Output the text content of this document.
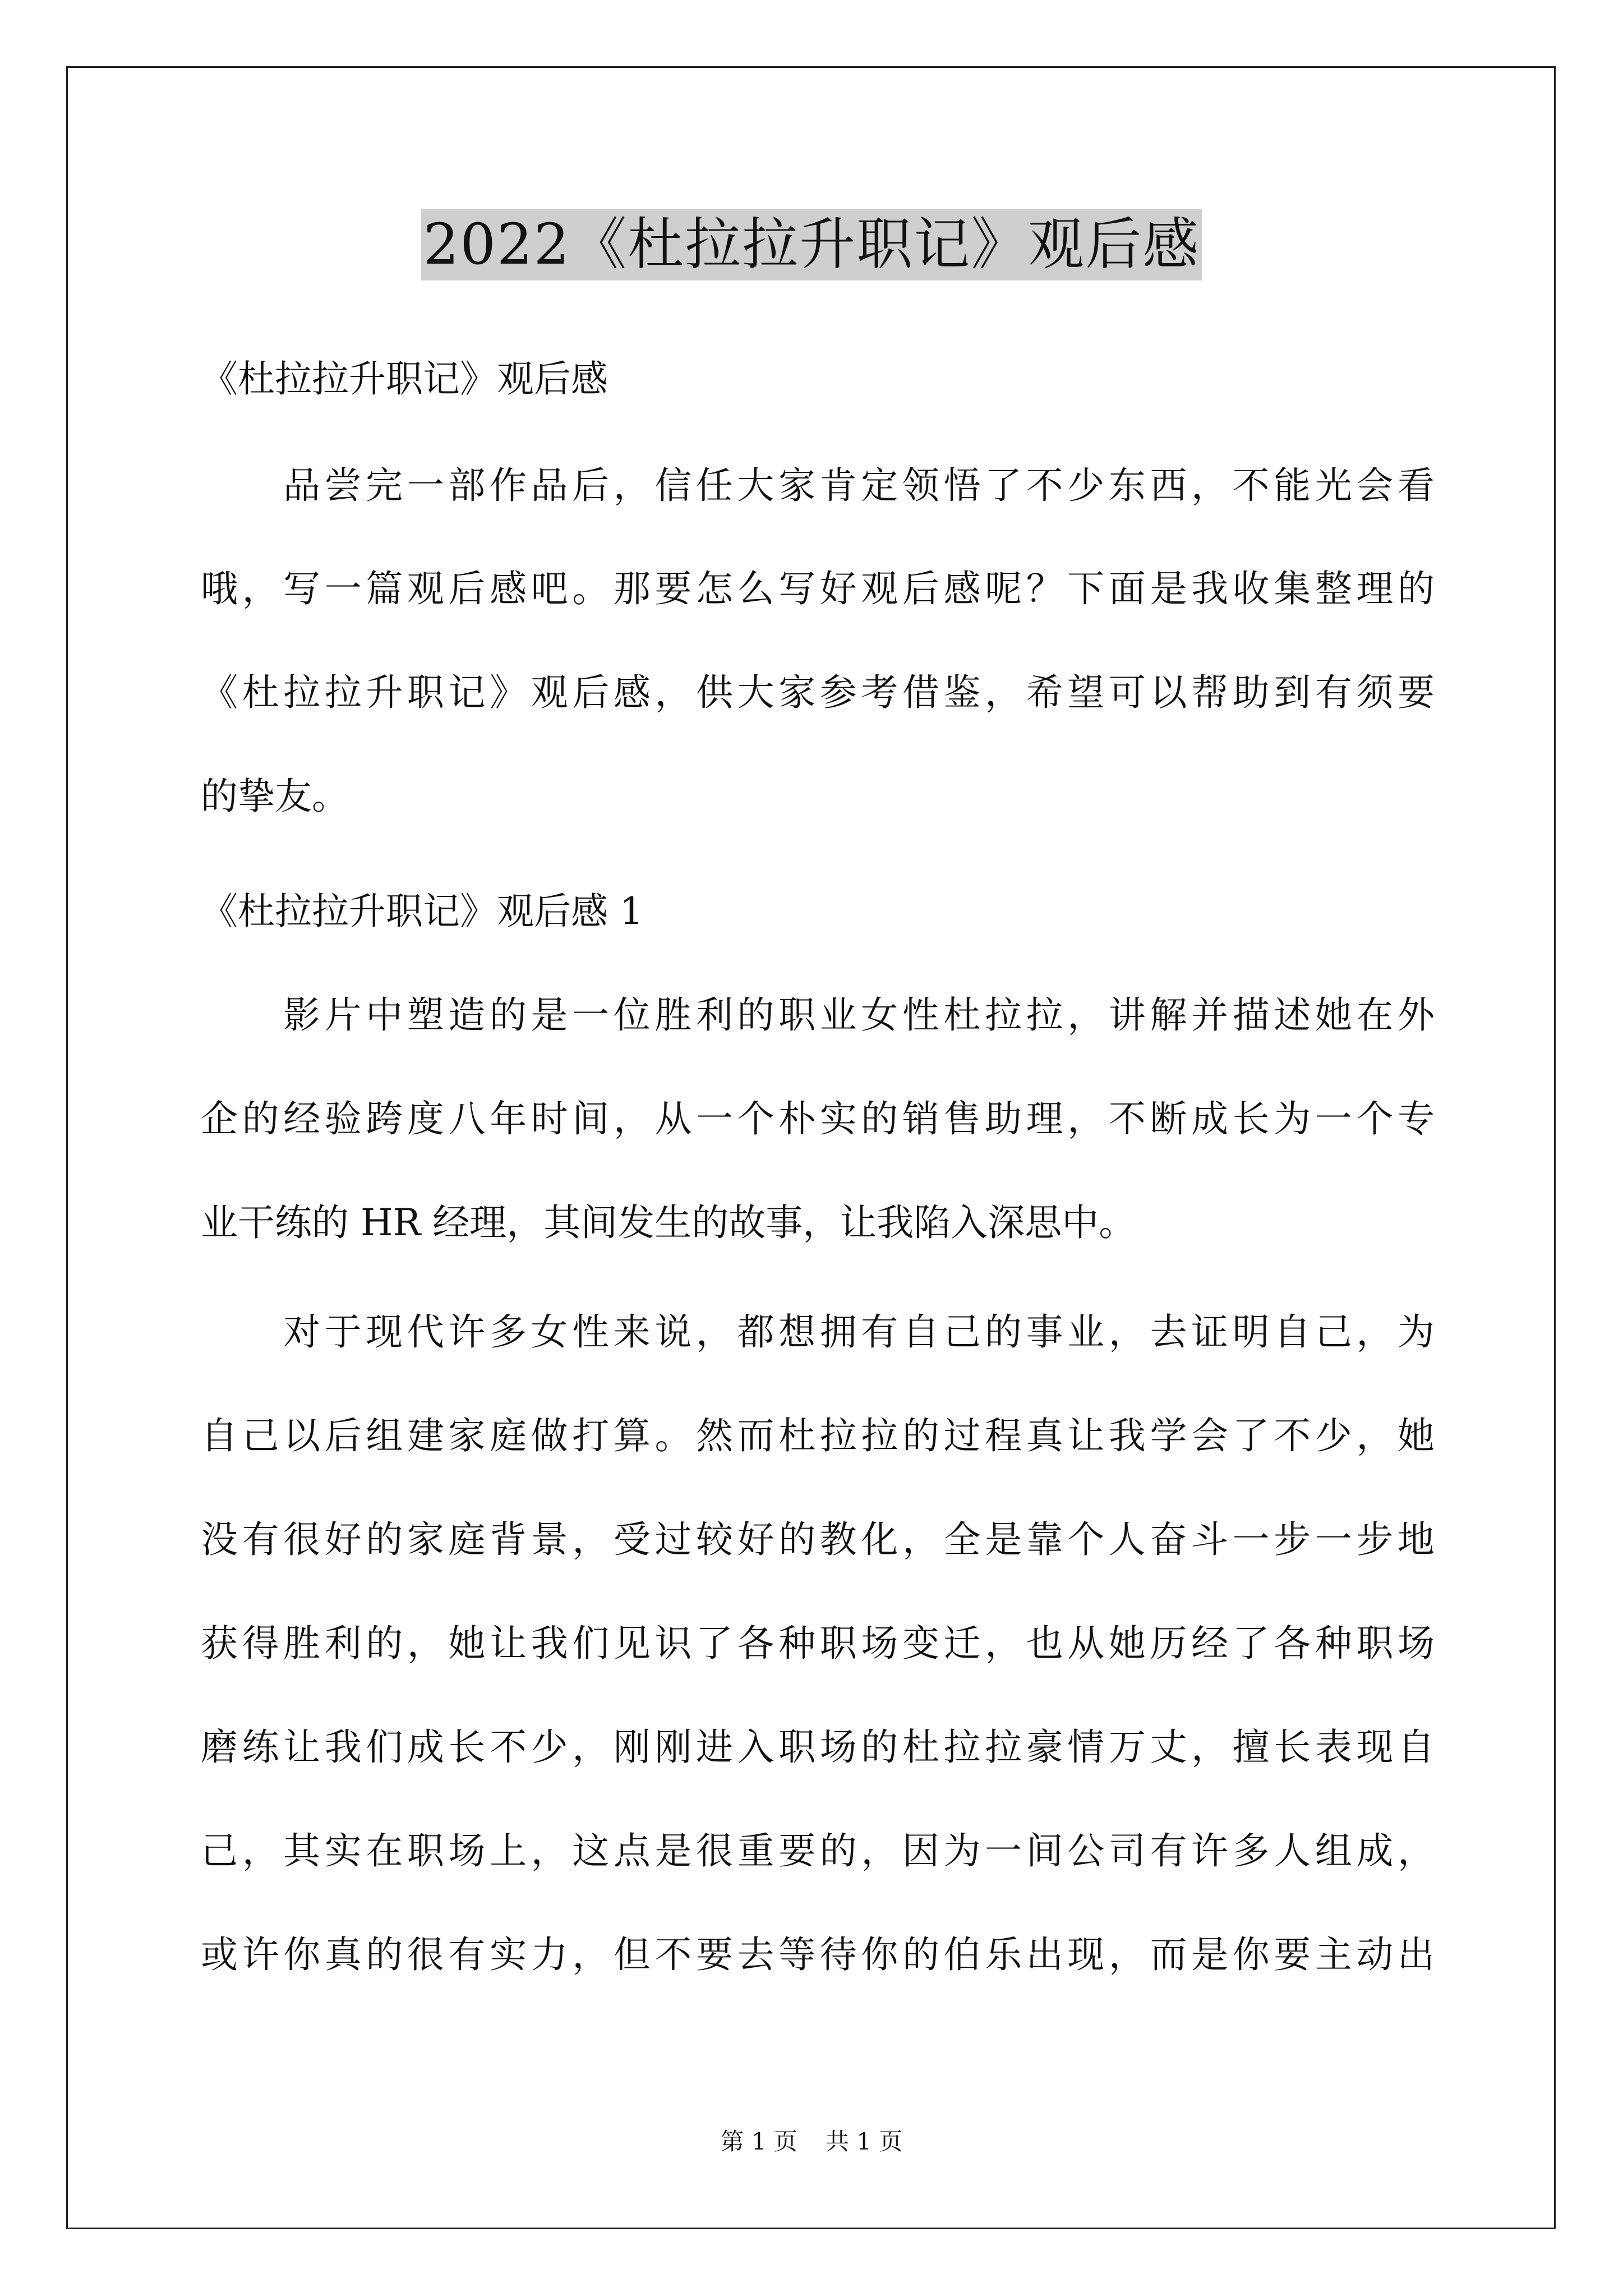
2022《杜拉拉升职记》观后感
《杜拉拉升职记》观后感
品尝完一部作品后，信任大家肯定领悟了不少东西，不能光会看
哦，写一篇观后感吧。那要怎么写好观后感呢？下面是我收集整理的
《杜拉拉升职记》观后感，供大家参考借鉴，希望可以帮助到有须要
的挚友。
《杜拉拉升职记》观后感 1
影片中塑造的是一位胜利的职业女性杜拉拉，讲解并描述她在外
企的经验跨度八年时间，从一个朴实的销售助理，不断成长为一个专
业干练的 HR 经理，其间发生的故事，让我陷入深思中。
对于现代许多女性来说，都想拥有自己的事业，去证明自己，为
自己以后组建家庭做打算。然而杜拉拉的过程真让我学会了不少，她
没有很好的家庭背景，受过较好的教化，全是靠个人奋斗一步一步地
获得胜利的，她让我们见识了各种职场变迁，也从她历经了各种职场
磨练让我们成长不少，刚刚进入职场的杜拉拉豪情万丈，擅长表现自
己，其实在职场上，这点是很重要的，因为一间公司有许多人组成，
或许你真的很有实力，但不要去等待你的伯乐出现，而是你要主动出
第 1 页 共 1 页
